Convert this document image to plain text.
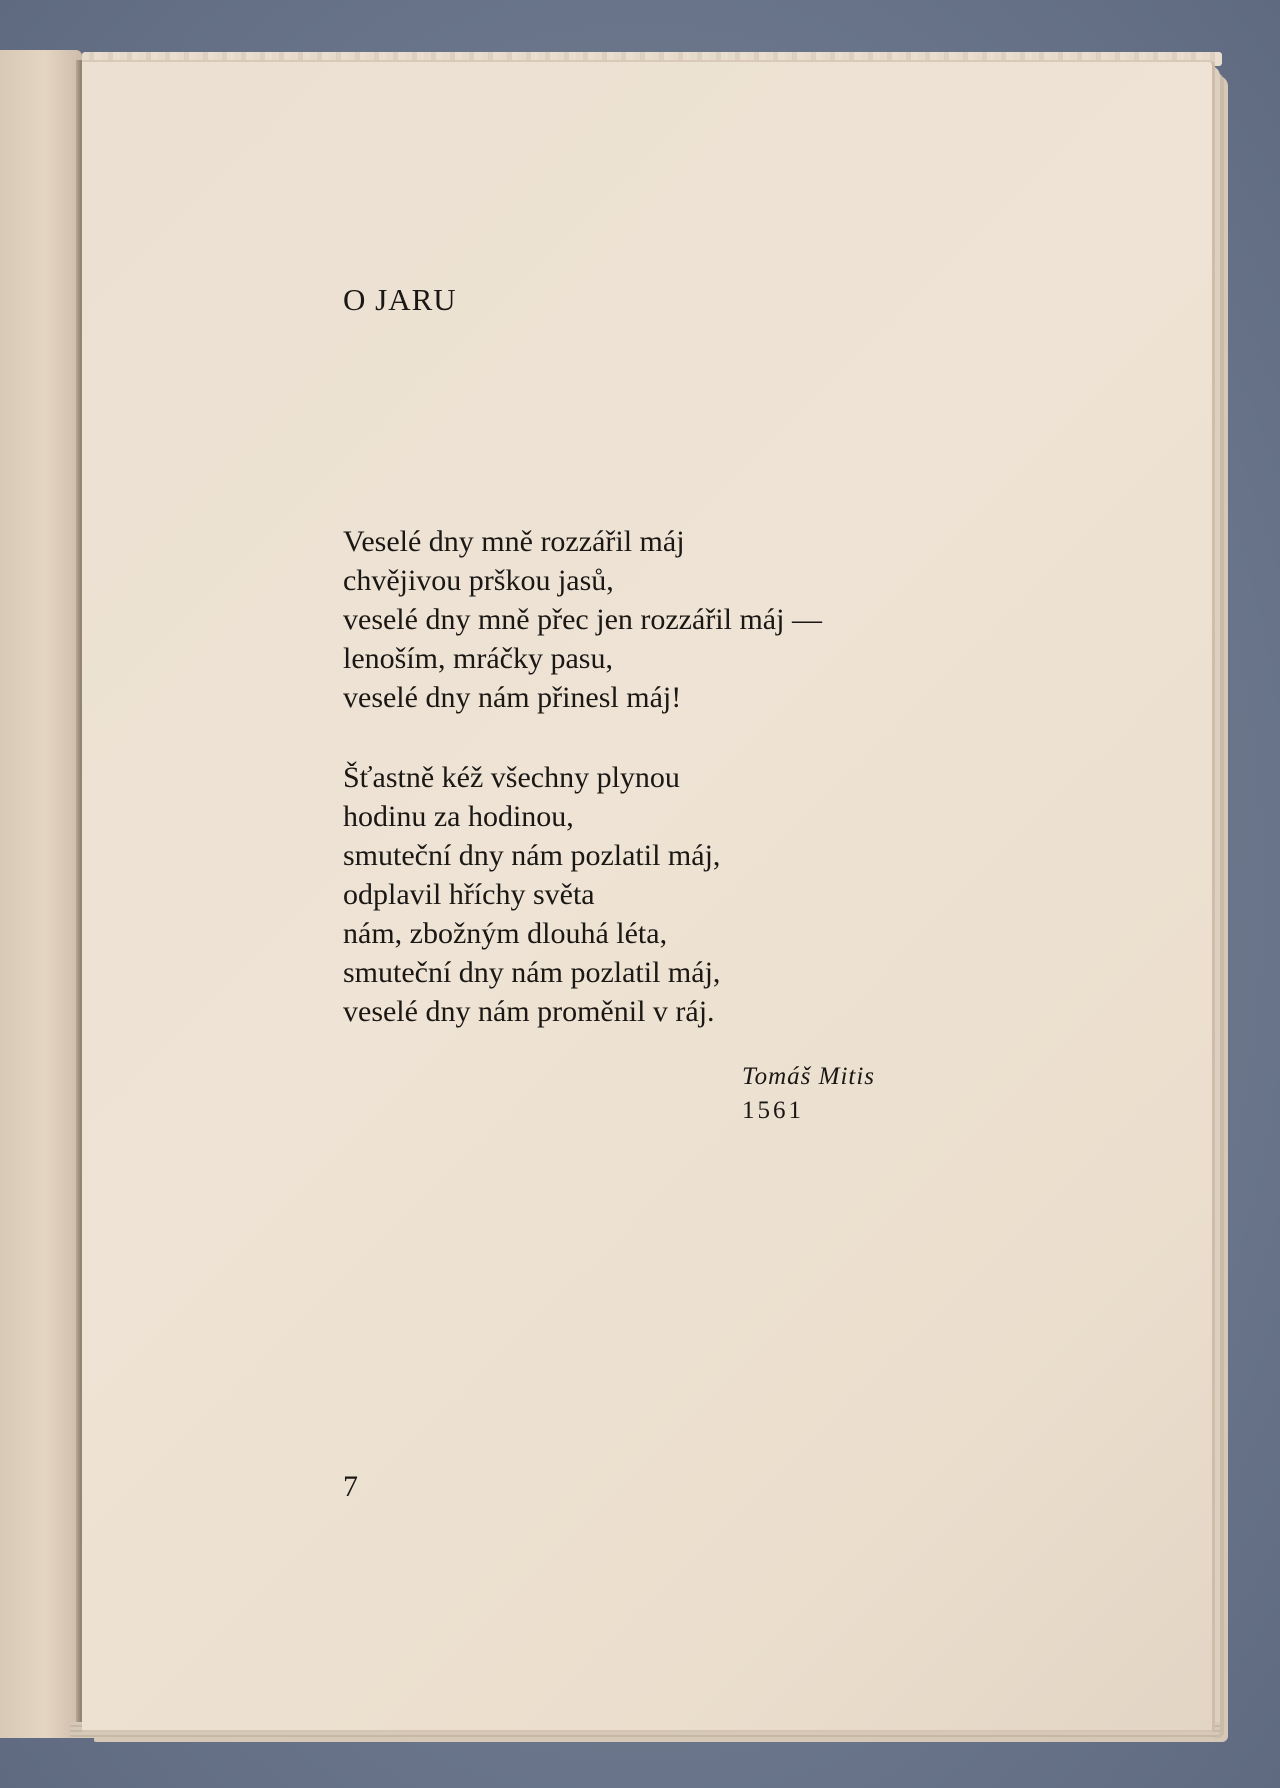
O JARU
Veselé dny mně rozzářil máj
chvějivou prškou jasů,
veselé dny mně přec jen rozzářil máj —
lenoším, mráčky pasu,
veselé dny nám přinesl máj!
Šťastně kéž všechny plynou
hodinu za hodinou,
smuteční dny nám pozlatil máj,
odplavil hříchy světa
nám, zbožným dlouhá léta,
smuteční dny nám pozlatil máj,
veselé dny nám proměnil v ráj.
Tomáš Mitis
1561
7
